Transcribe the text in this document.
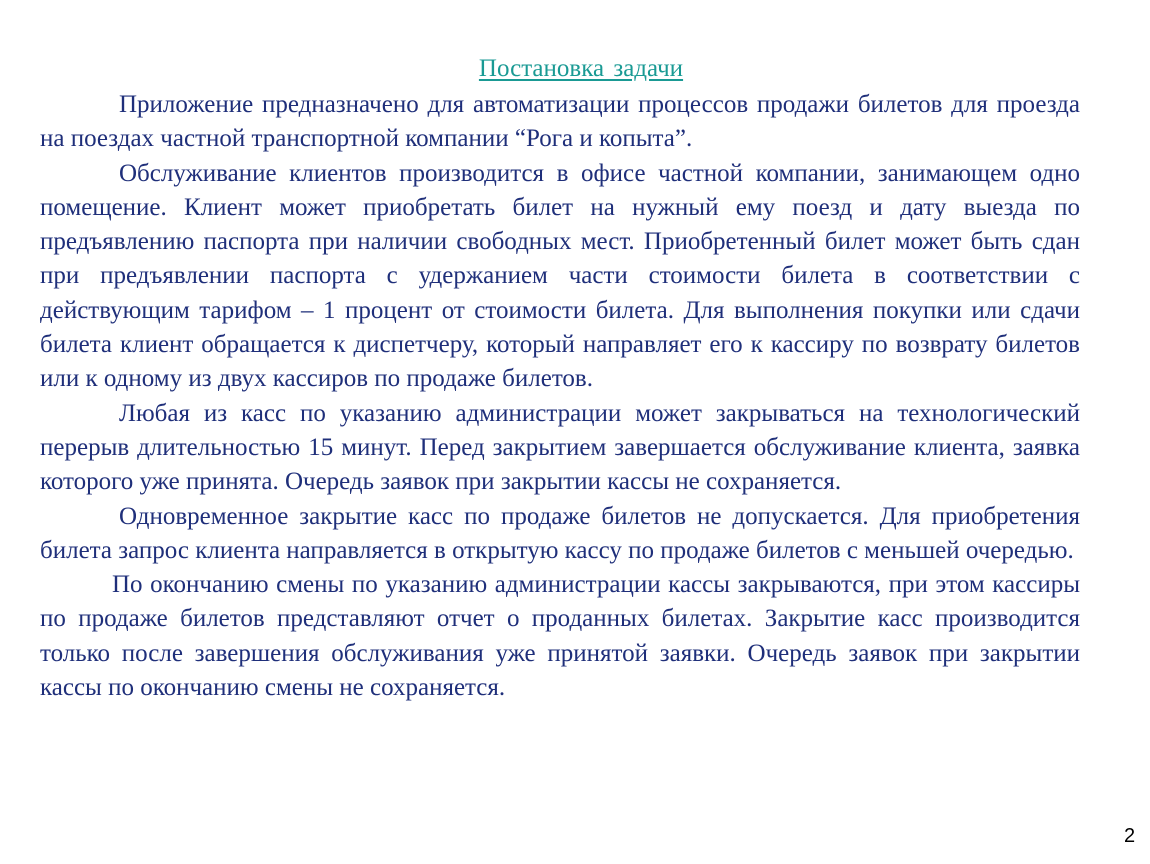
Постановка задачи

Приложение предназначено для автоматизации процессов продажи билетов для проезда на поездах частной транспортной компании “Рога и копыта”.

Обслуживание клиентов производится в офисе частной компании, занимающем одно помещение. Клиент может приобретать билет на нужный ему поезд и дату выезда по предъявлению паспорта при наличии свободных мест. Приобретенный билет может быть сдан при предъявлении паспорта с удержанием части стоимости билета в соответствии с действующим тарифом – 1 процент от стоимости билета. Для выполнения покупки или сдачи билета клиент обращается к диспетчеру, который направляет его к кассиру по возврату билетов или к одному из двух кассиров по продаже билетов.

Любая из касс по указанию администрации может закрываться на технологический перерыв длительностью 15 минут. Перед закрытием завершается обслуживание клиента, заявка которого уже принята. Очередь заявок при закрытии кассы не сохраняется.

Одновременное закрытие касс по продаже билетов не допускается. Для приобретения билета запрос клиента направляется в открытую кассу по продаже билетов с меньшей очередью.

По окончанию смены по указанию администрации кассы закрываются, при этом кассиры по продаже билетов представляют отчет о проданных билетах. Закрытие касс производится только после завершения обслуживания уже принятой заявки. Очередь заявок при закрытии кассы по окончанию смены не сохраняется.

2
